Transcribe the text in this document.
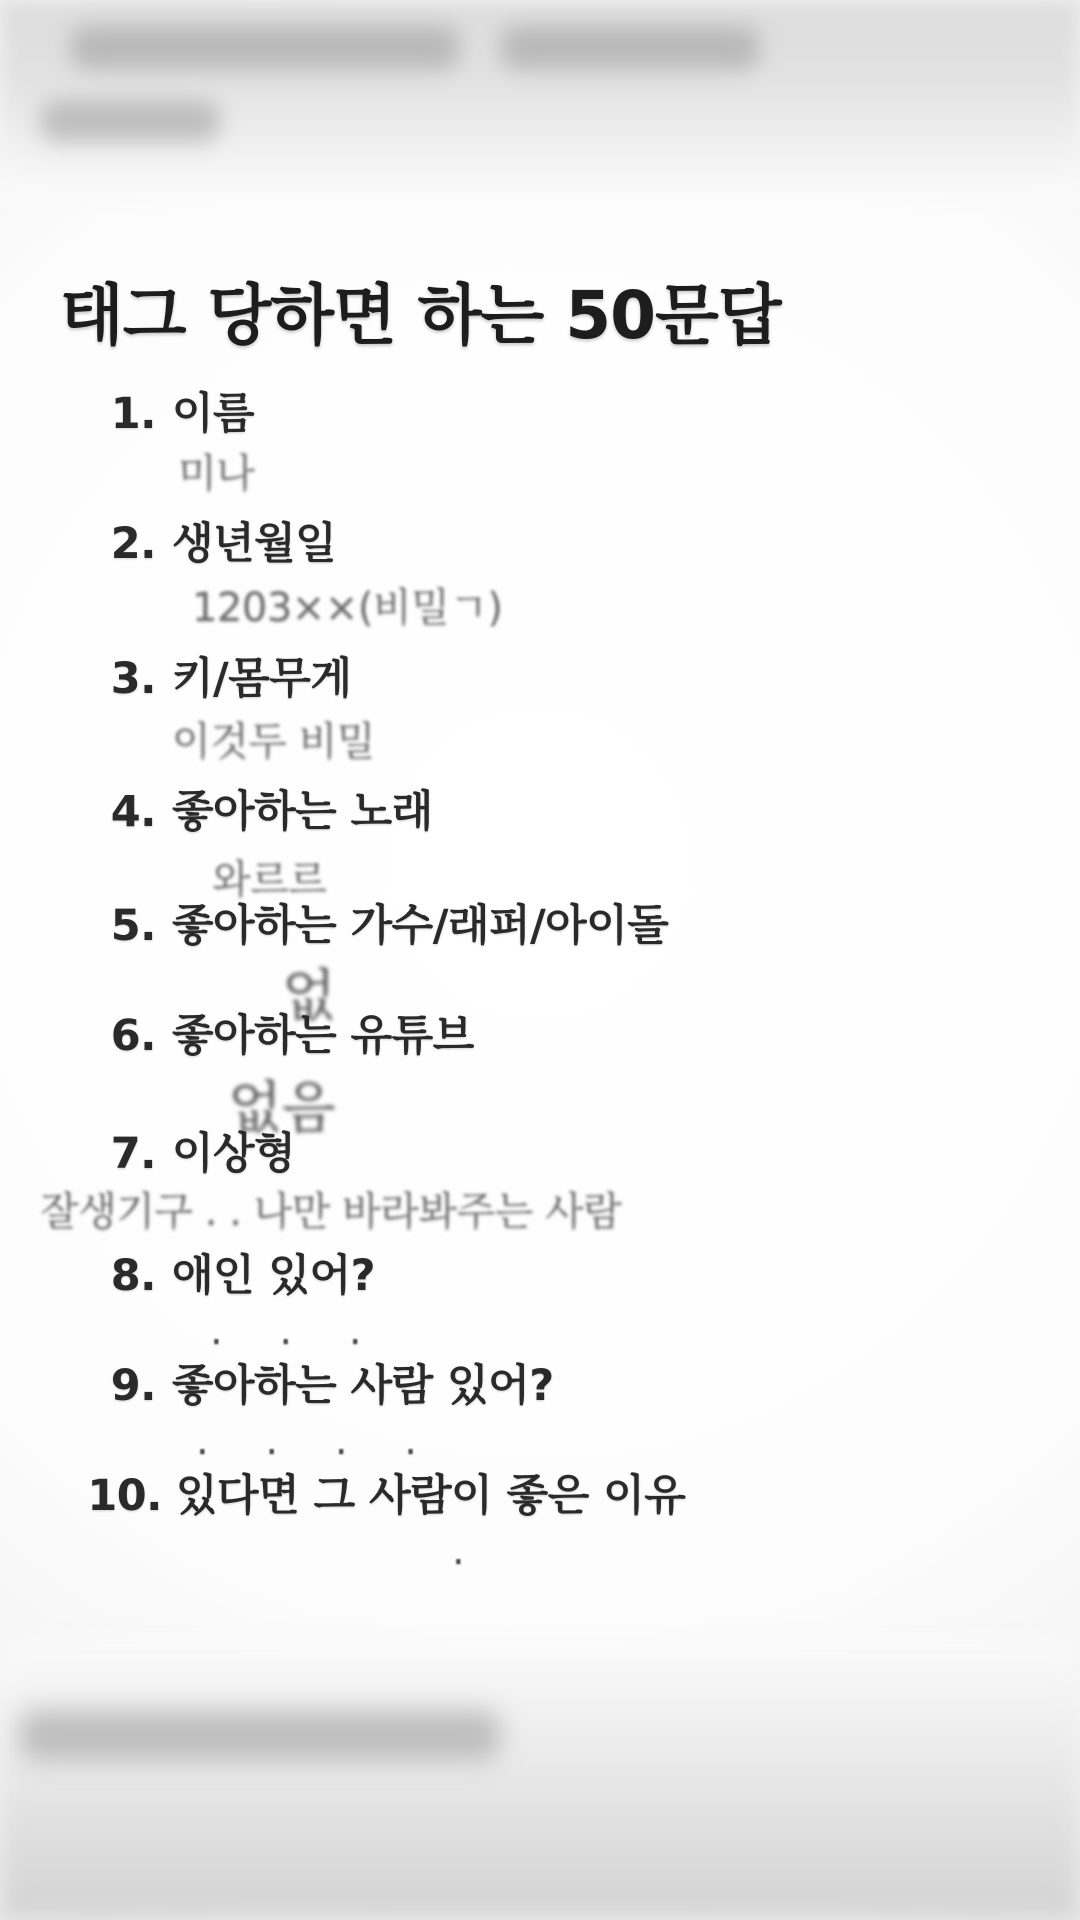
태그 당하면 하는 50문답
1. 이름
미나
2. 생년월일
1203××(비밀ㄱ)
3. 키/몸무게
이것두 비밀
4. 좋아하는 노래
와르르
5. 좋아하는 가수/래퍼/아이돌
없
6. 좋아하는 유튜브
없음
7. 이상형
잘생기구 . . 나만 바라봐주는 사람
8. 애인 있어?
. . .
9. 좋아하는 사람 있어?
. . . .
10. 있다면 그 사람이 좋은 이유
.
